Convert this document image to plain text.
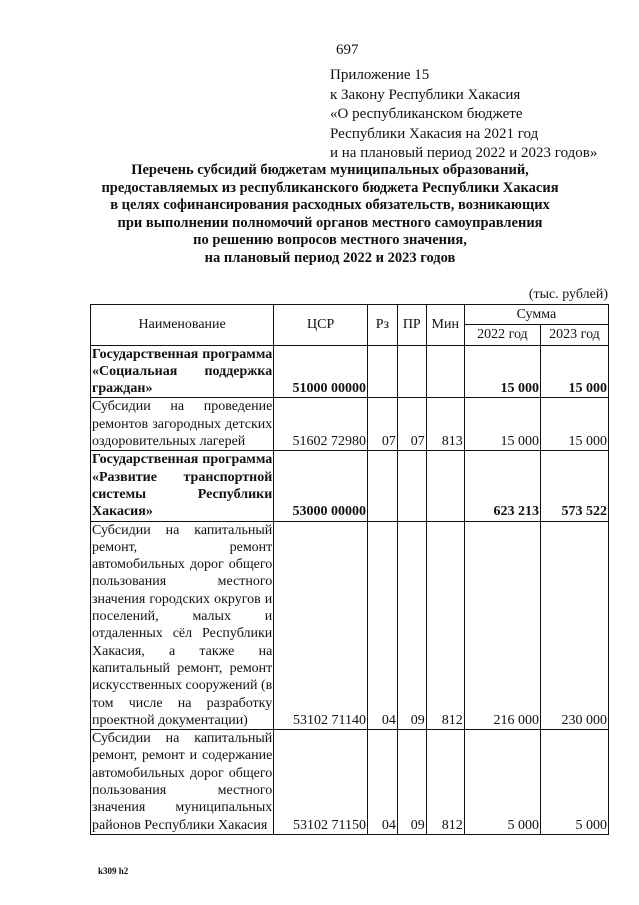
697
Приложение 15
к Закону Республики Хакасия
«О республиканском бюджете
Республики Хакасия на 2021 год
и на плановый период 2022 и 2023 годов»
Перечень субсидий бюджетам муниципальных образований,
предоставляемых из республиканского бюджета Республики Хакасия
в целях софинансирования расходных обязательств, возникающих
при выполнении полномочий органов местного самоуправления
по решению вопросов местного значения,
на плановый период 2022 и 2023 годов
(тыс. рублей)
Наименование	ЦСР	Рз	ПР	Мин	Сумма	
					2022 год	2023 год
Государственная программа «Социальная поддержка граждан»	51000 00000				15 000	15 000
Субсидии на проведение ремонтов загородных детских оздоровительных лагерей	51602 72980	07	07	813	15 000	15 000
Государственная программа «Развитие транспортной системы Республики Хакасия»	53000 00000				623 213	573 522
Субсидии на капитальный ремонт, ремонт автомобильных дорог общего пользования местного значения городских округов и поселений, малых и отдаленных сёл Республики Хакасия, а также на капитальный ремонт, ремонт искусственных сооружений (в том числе на разработку проектной документации)	53102 71140	04	09	812	216 000	230 000
Субсидии на капитальный ремонт, ремонт и содержание автомобильных дорог общего пользования местного значения муниципальных районов Республики Хакасия	53102 71150	04	09	812	5 000	5 000
k309 h2
